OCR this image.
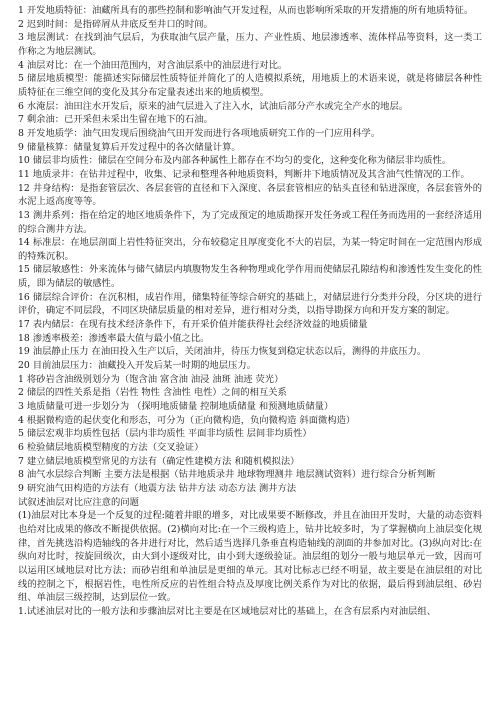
1 开发地质特征：油藏所具有的那些控制和影响油气开发过程，从而也影响所采取的开发措施的所有地质特征。

2 迟到时间：是指碎屑从井底反至井口的时间。

3 地层测试：在找到油气层后，为获取油气层产量，压力、产业性质、地层渗透率、流体样品等资料，这一类工作称之为地层测试。

4 油层对比：在一个油田范围内，对含油层系中的油层进行对比。

5 储层地质模型：能描述实际储层性质特征并简化了的人造模拟系统，用地质上的术语来说，就是将储层各种性质特征在三维空间的变化及其分布定量表述出来的地质模型。

6 水淹层：油田注水开发后，原来的油气层进入了注入水，试油后部分产水或完全产水的地层。

7 剩余油：已开采但未采出生留在地下的石油。

8 开发地质学：油气田发现后围绕油气田开发而进行各项地质研究工作的一门应用科学。

9 储量核算：储量复算后开发过程中的各次储量计算。

10 储层非均质性：储层在空间分布及内部各种属性上都存在不均匀的变化，这种变化称为储层非均质性。

11 地质录井：在钻井过程中，收集、记录和整理各种地质资料，判断井下地质情况及其含油气性情况的工作。

12 井身结构：是指套管层次、各层套管的直径和下入深度、各层套管相应的钻头直径和钻进深度，各层套管外的水泥上返高度等等。

13 测井系列：指在给定的地区地质条件下，为了完成预定的地质勘探开发任务或工程任务而选用的一套经济适用的综合测井方法。

14 标准层：在地层剖面上岩性特征突出，分布较稳定且厚度变化不大的岩层，为某一特定时间在一定范围内形成的特殊沉积。

15 储层敏感性：外来流体与储气储层内填腹物发生各种物理或化学作用而使储层孔隙结构和渗透性发生变化的性质，即为储层的敏感性。

16 储层综合评价：在沉积相，成岩作用，储集特征等综合研究的基础上，对储层进行分类并分段，分区块的进行评价，确定不同层段，不同区块储层质量的相对差异，进行相对分类，以指导勘探方向和开发方案的制定。

17 表内储层：在现有技术经济条件下，有开采价值并能获得社会经济效益的地质储量

18 渗透率极差：渗透率最大值与最小值之比。

19 油层静止压力 在油田投入生产以后，关闭油井，待压力恢复到稳定状态以后，测得的井底压力。

20 目前油层压力：油藏投入开发后某一时期的地层压力。

1 将砂岩含油级别划分为（饱含油 富含油 油浸 油斑 油迹 荧光）

2 储层的四性关系是指（岩性 物性 含油性 电性）之间的相互关系

3 地质储量可进一步划分为 （探明地质储量 控制地质储量 和预测地质储量）

4 根据微构造的起伏变化和形态，可分为（正向微构造，负向微构造 斜面微构造）

5 储层宏观非均质性包括（层内非均质性 平面非均质性 层间非均质性）

6 检验储层地质模型精度的方法（交叉验证）

7 建立储层地质模型常见的方法有（确定性建模方法 和随机模拟法）

8 油气水层综合判断 主要方法是根据（钻井地质录井 地球物理测井 地层测试资料）进行综合分析判断

9 研究油气田构造的方法有（地震方法 钻井方法 动态方法 测井方法

试叙述油层对比应注意的问题

(1)油层对比本身是一个反复的过程:随着井眼的增多，对比成果要不断修改，并且在油田开发时，大量的动态资料也给对比成果的修改不断提供依据。(2)横向对比:在一个三级构造上，钻井比较多时，为了掌握横向上油层变化规律，首先挑选沿构造轴线的各井进行对比，然后适当选择几条垂直构造轴线的剖面的井参加对比。(3)纵向对比:在纵向对比时，按旋回级次，由大到小逐级对比，由小到大逐级验证。油层组的划分一般与地层单元一致，因而可以运用区域地层对比方法；而砂岩组和单油层是更细的单元。其对比标志已经不明显，故主要是在油层组的对比线的控制之下，根据岩性，电性所反应的岩性组合特点及厚度比例关系作为对比的依据，最后得到油层组、砂岩组、单油层三级控制，达到层位一致。

1.试述油层对比的一般方法和步骤油层对比主要是在区域地层对比的基础上，在含有层系内对油层组、
